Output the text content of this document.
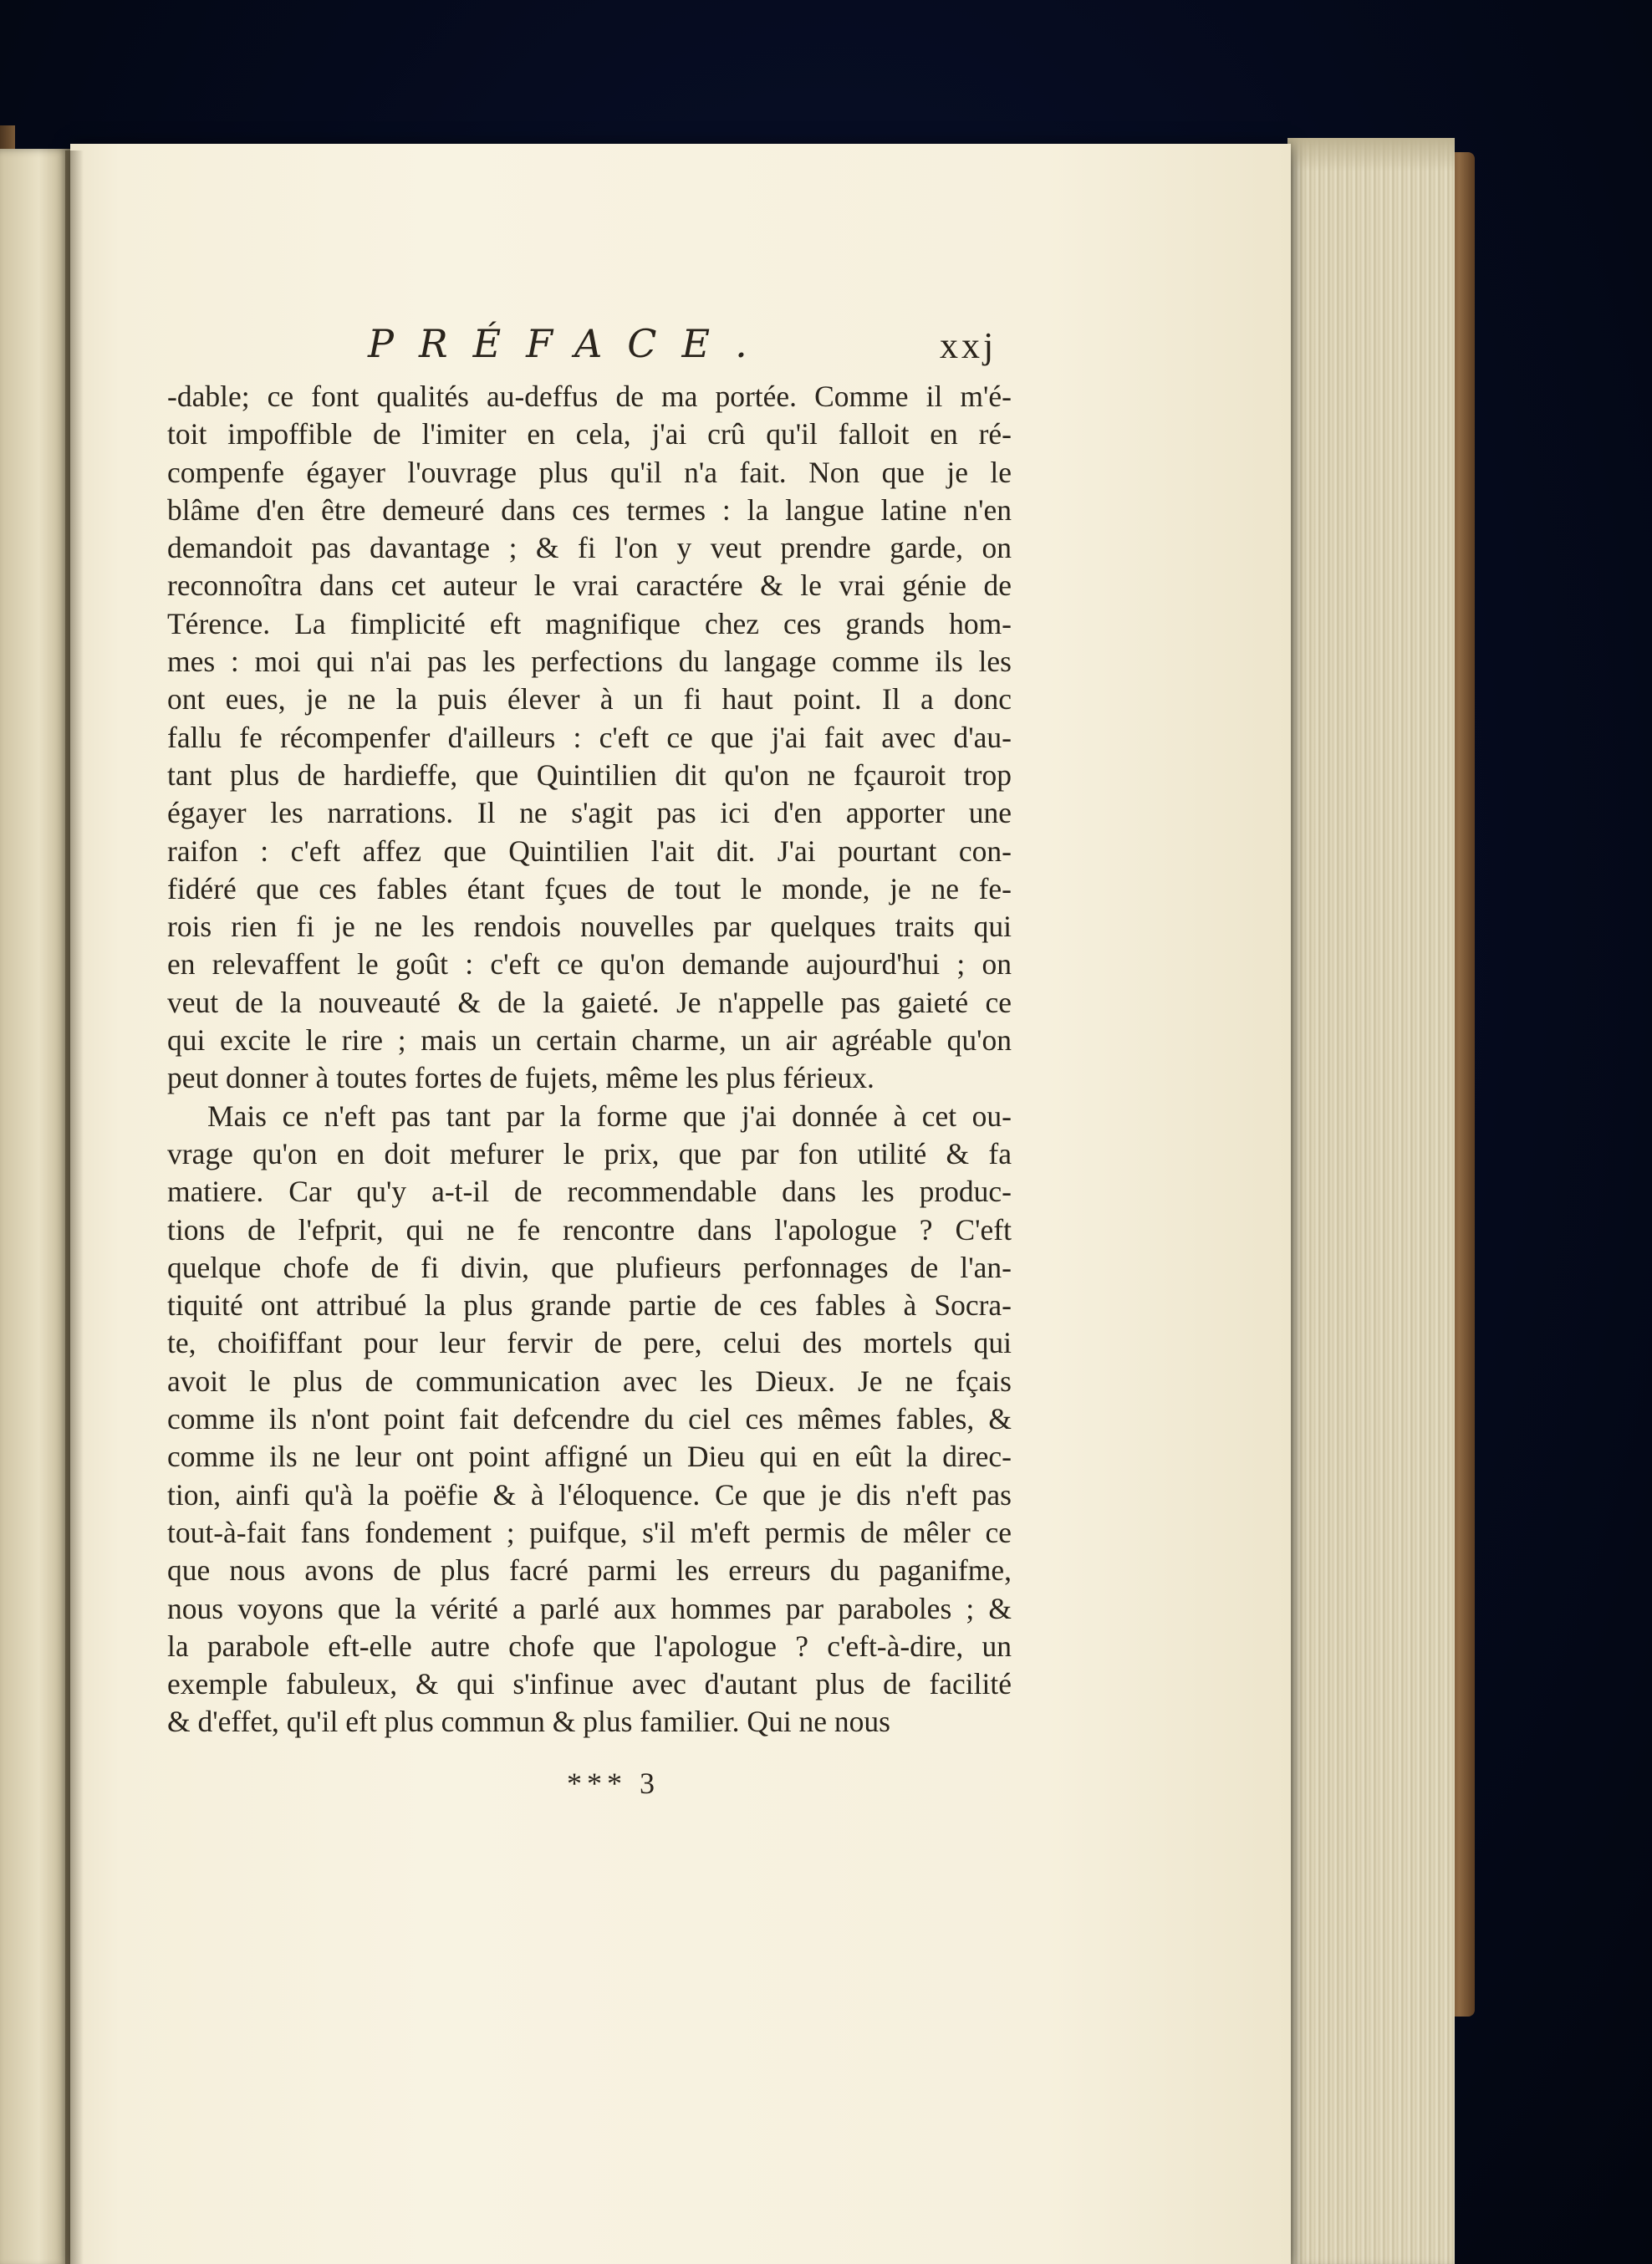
PRÉFACE.	xxj
-dable; ce font qualités au-deffus de ma portée. Comme il m'é-
toit impoffible de l'imiter en cela, j'ai crû qu'il falloit en ré-
compenfe égayer l'ouvrage plus qu'il n'a fait. Non que je le
blâme d'en être demeuré dans ces termes : la langue latine n'en
demandoit pas davantage ; & fi l'on y veut prendre garde, on
reconnoîtra dans cet auteur le vrai caractére & le vrai génie de
Térence. La fimplicité eft magnifique chez ces grands hom-
mes : moi qui n'ai pas les perfections du langage comme ils les
ont eues, je ne la puis élever à un fi haut point. Il a donc
fallu fe récompenfer d'ailleurs : c'eft ce que j'ai fait avec d'au-
tant plus de hardieffe, que Quintilien dit qu'on ne fçauroit trop
égayer les narrations. Il ne s'agit pas ici d'en apporter une
raifon : c'eft affez que Quintilien l'ait dit. J'ai pourtant con-
fidéré que ces fables étant fçues de tout le monde, je ne fe-
rois rien fi je ne les rendois nouvelles par quelques traits qui
en relevaffent le goût : c'eft ce qu'on demande aujourd'hui ; on
veut de la nouveauté & de la gaieté. Je n'appelle pas gaieté ce
qui excite le rire ; mais un certain charme, un air agréable qu'on
peut donner à toutes fortes de fujets, même les plus férieux.
Mais ce n'eft pas tant par la forme que j'ai donnée à cet ou-
vrage qu'on en doit mefurer le prix, que par fon utilité & fa
matiere. Car qu'y a-t-il de recommendable dans les produc-
tions de l'efprit, qui ne fe rencontre dans l'apologue ? C'eft
quelque chofe de fi divin, que plufieurs perfonnages de l'an-
tiquité ont attribué la plus grande partie de ces fables à Socra-
te, choififfant pour leur fervir de pere, celui des mortels qui
avoit le plus de communication avec les Dieux. Je ne fçais
comme ils n'ont point fait defcendre du ciel ces mêmes fables, &
comme ils ne leur ont point affigné un Dieu qui en eût la direc-
tion, ainfi qu'à la poëfie & à l'éloquence. Ce que je dis n'eft pas
tout-à-fait fans fondement ; puifque, s'il m'eft permis de mêler ce
que nous avons de plus facré parmi les erreurs du paganifme,
nous voyons que la vérité a parlé aux hommes par paraboles ; &
la parabole eft-elle autre chofe que l'apologue ? c'eft-à-dire, un
exemple fabuleux, & qui s'infinue avec d'autant plus de facilité
& d'effet, qu'il eft plus commun & plus familier. Qui ne nous
*** 3
